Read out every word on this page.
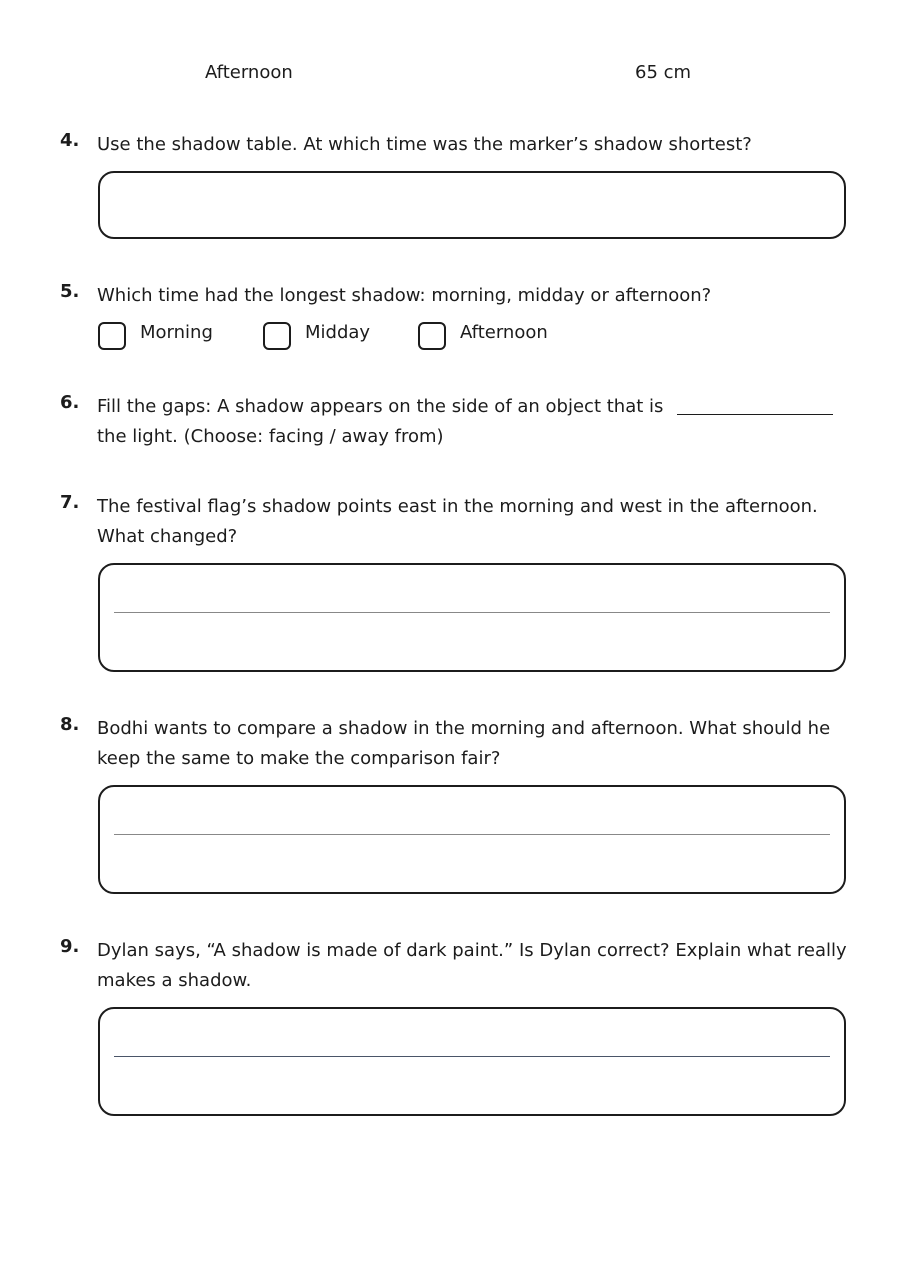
Afternoon	65 cm
4. Use the shadow table. At which time was the marker’s shadow shortest?
5. Which time had the longest shadow: morning, midday or afternoon?
Morning	Midday	Afternoon
6. Fill the gaps: A shadow appears on the side of an object that is
the light. (Choose: facing / away from)
7. The festival flag’s shadow points east in the morning and west in the afternoon. What changed?
8. Bodhi wants to compare a shadow in the morning and afternoon. What should he keep the same to make the comparison fair?
9. Dylan says, “A shadow is made of dark paint.” Is Dylan correct? Explain what really makes a shadow.
